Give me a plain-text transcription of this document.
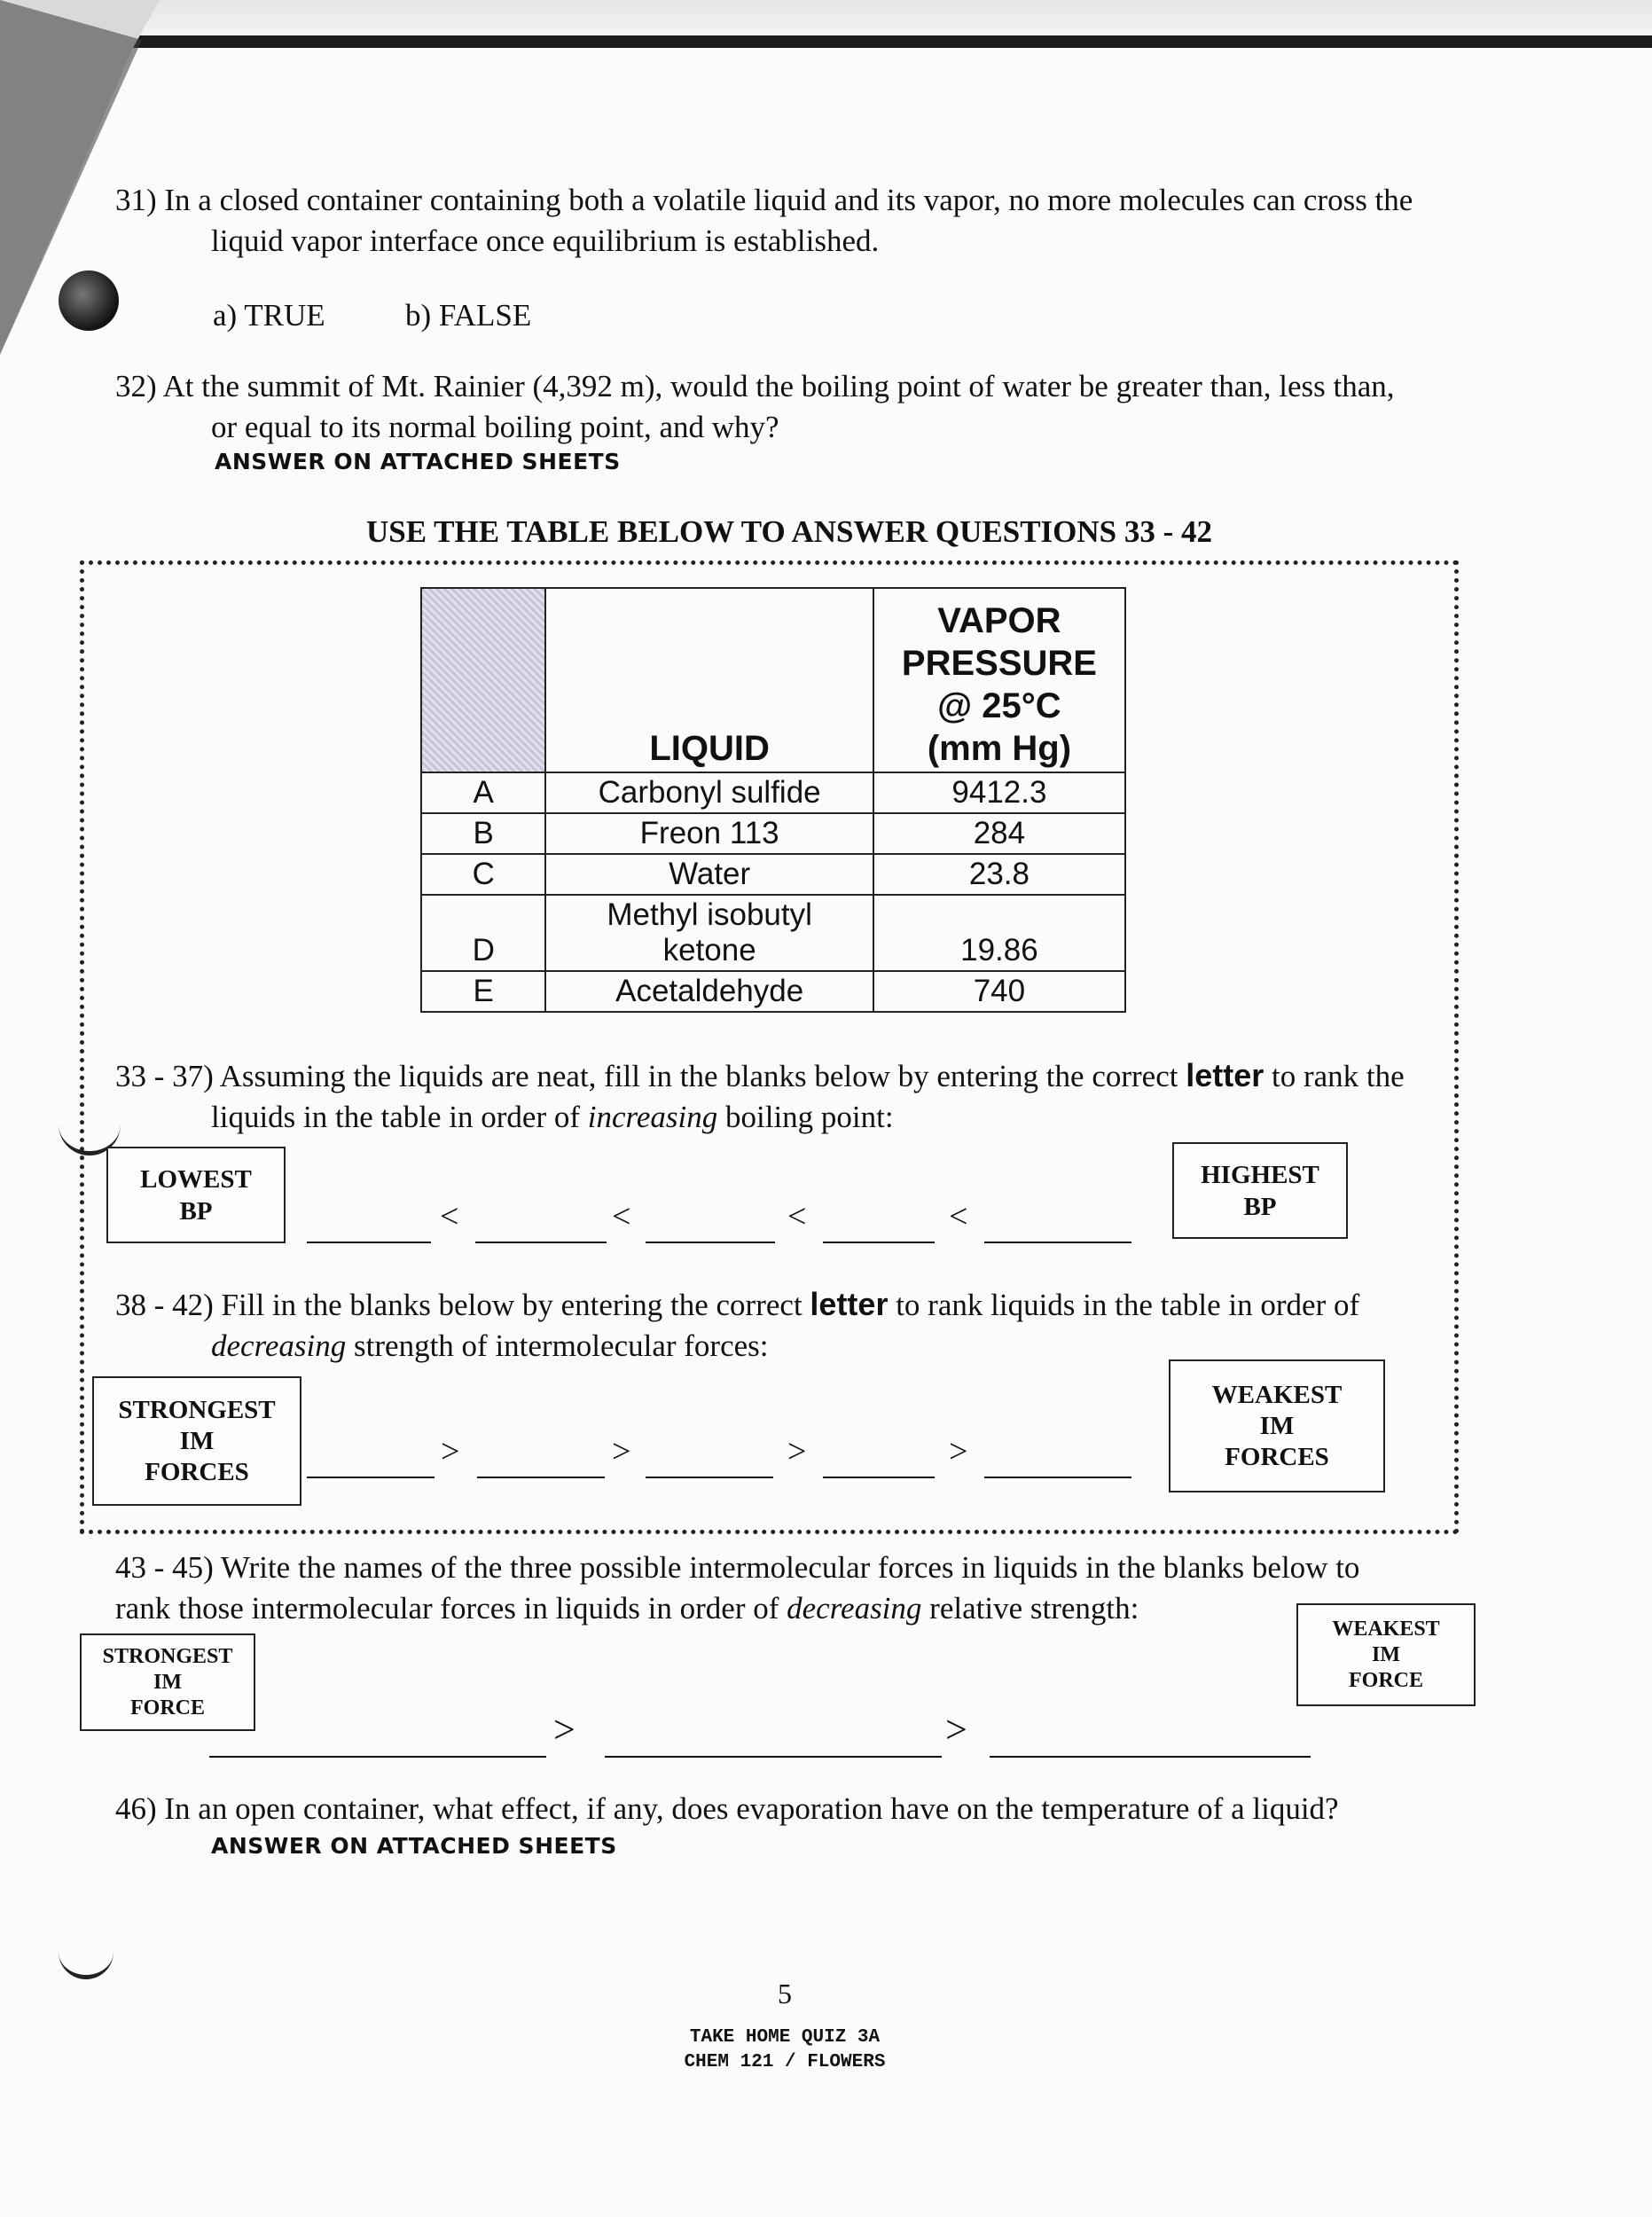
31) In a closed container containing both a volatile liquid and its vapor, no more molecules can cross the
liquid vapor interface once equilibrium is established.
a) TRUE	b) FALSE
32) At the summit of Mt. Rainier (4,392 m), would the boiling point of water be greater than, less than,
or equal to its normal boiling point, and why?
ANSWER ON ATTACHED SHEETS
USE THE TABLE BELOW TO ANSWER QUESTIONS 33 - 42
	LIQUID	VAPOR
PRESSURE
@ 25°C
(mm Hg)

A	Carbonyl sulfide	9412.3
B	Freon 113	284
C	Water	23.8
D	Methyl isobutyl
ketone	19.86
E	Acetaldehyde	740
33 - 37) Assuming the liquids are neat, fill in the blanks below by entering the correct letter to rank the
liquids in the table in order of increasing boiling point:
LOWEST
BP
HIGHEST
BP
<	<	<	<
38 - 42) Fill in the blanks below by entering the correct letter to rank liquids in the table in order of
decreasing strength of intermolecular forces:
STRONGEST
IM
FORCES
WEAKEST
IM
FORCES
>	>	>	>
43 - 45) Write the names of the three possible intermolecular forces in liquids in the blanks below to
rank those intermolecular forces in liquids in order of decreasing relative strength:
STRONGEST
IM
FORCE
WEAKEST
IM
FORCE
>	>
46) In an open container, what effect, if any, does evaporation have on the temperature of a liquid?
ANSWER ON ATTACHED SHEETS
5
TAKE HOME QUIZ 3A
CHEM 121 / FLOWERS
